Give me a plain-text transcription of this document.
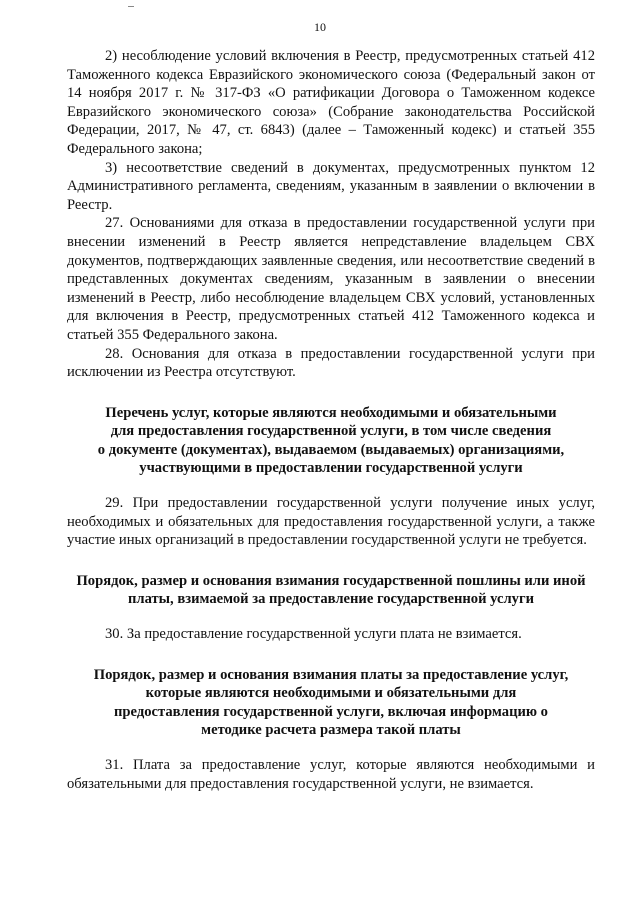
10

2) несоблюдение условий включения в Реестр, предусмотренных статьей 412 Таможенного кодекса Евразийского экономического союза (Федеральный закон от 14 ноября 2017 г. № 317-ФЗ «О ратификации Договора о Таможенном кодексе Евразийского экономического союза» (Собрание законодательства Российской Федерации, 2017, № 47, ст. 6843) (далее – Таможенный кодекс) и статьей 355 Федерального закона;

3) несоответствие сведений в документах, предусмотренных пунктом 12 Административного регламента, сведениям, указанным в заявлении о включении в Реестр.

27. Основаниями для отказа в предоставлении государственной услуги при внесении изменений в Реестр является непредставление владельцем СВХ документов, подтверждающих заявленные сведения, или несоответствие сведений в представленных документах сведениям, указанным в заявлении о внесении изменений в Реестр, либо несоблюдение владельцем СВХ условий, установленных для включения в Реестр, предусмотренных статьей 412 Таможенного кодекса и статьей 355 Федерального закона.

28. Основания для отказа в предоставлении государственной услуги при исключении из Реестра отсутствуют.

Перечень услуг, которые являются необходимыми и обязательными

для предоставления государственной услуги, в том числе сведения

о документе (документах), выдаваемом (выдаваемых) организациями,

участвующими в предоставлении государственной услуги

29. При предоставлении государственной услуги получение иных услуг, необходимых и обязательных для предоставления государственной услуги, а также участие иных организаций в предоставлении государственной услуги не требуется.

Порядок, размер и основания взимания государственной пошлины или иной

платы, взимаемой за предоставление государственной услуги

30. За предоставление государственной услуги плата не взимается.

Порядок, размер и основания взимания платы за предоставление услуг,

которые являются необходимыми и обязательными для

предоставления государственной услуги, включая информацию о

методике расчета размера такой платы

31. Плата за предоставление услуг, которые являются необходимыми и обязательными для предоставления государственной услуги, не взимается.
